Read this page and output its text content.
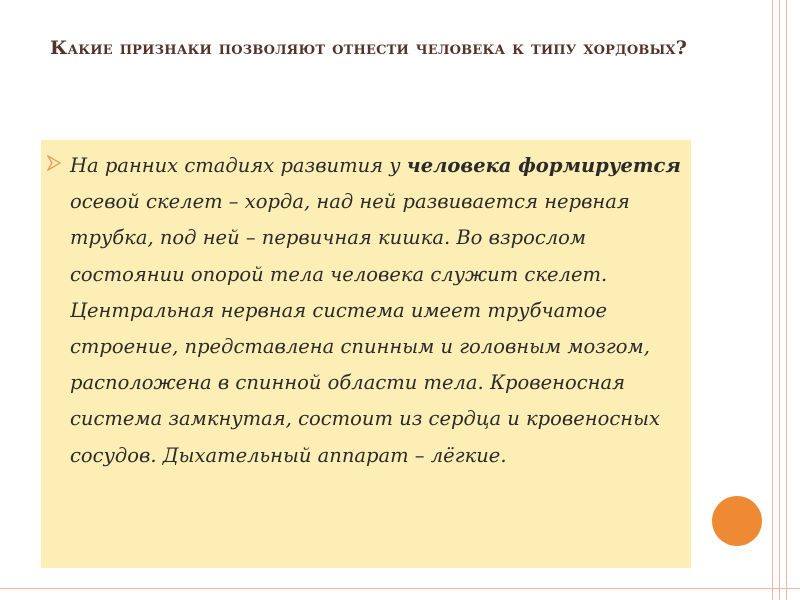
Какие признаки позволяют отнести человека к типу хордовых?

На ранних стадиях развития у человека формируется осевой скелет – хорда, над ней развивается нервная трубка, под ней – первичная кишка. Во взрослом состоянии опорой тела человека служит скелет. Центральная нервная система имеет трубчатое строение, представлена спинным и головным мозгом, расположена в спинной области тела. Кровеносная система замкнутая, состоит из сердца и кровеносных сосудов. Дыхательный аппарат – лёгкие.
